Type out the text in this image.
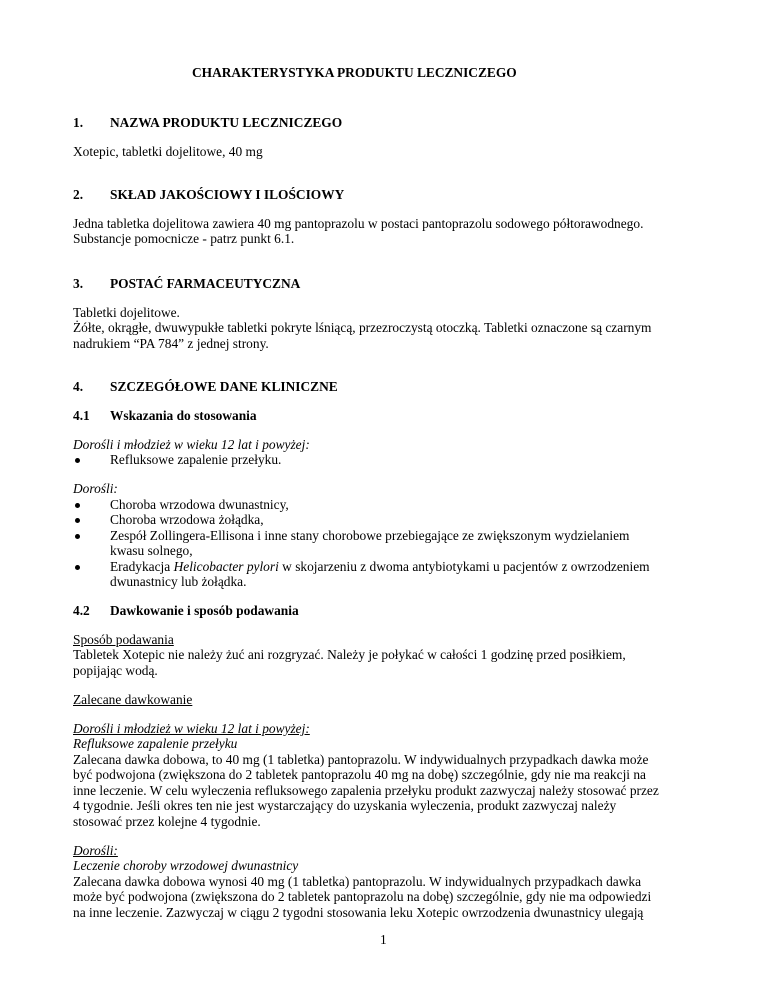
CHARAKTERYSTYKA PRODUKTU LECZNICZEGO
1. NAZWA PRODUKTU LECZNICZEGO
Xotepic, tabletki dojelitowe, 40 mg
2. SKŁAD JAKOŚCIOWY I ILOŚCIOWY
Jedna tabletka dojelitowa zawiera 40 mg pantoprazolu w postaci pantoprazolu sodowego półtorawodnego.
Substancje pomocnicze - patrz punkt 6.1.
3. POSTAĆ FARMACEUTYCZNA
Tabletki dojelitowe.
Żółte, okrągłe, dwuwypukłe tabletki pokryte lśniącą, przezroczystą otoczką. Tabletki oznaczone są czarnym
nadrukiem “PA 784” z jednej strony.
4. SZCZEGÓŁOWE DANE KLINICZNE
4.1 Wskazania do stosowania
Dorośli i młodzież w wieku 12 lat i powyżej:
Refluksowe zapalenie przełyku.
Dorośli:
Choroba wrzodowa dwunastnicy,
Choroba wrzodowa żołądka,
Zespół Zollingera-Ellisona i inne stany chorobowe przebiegające ze zwiększonym wydzielaniem
kwasu solnego,
Eradykacja Helicobacter pylori w skojarzeniu z dwoma antybiotykami u pacjentów z owrzodzeniem
dwunastnicy lub żołądka.
4.2 Dawkowanie i sposób podawania
Sposób podawania
Tabletek Xotepic nie należy żuć ani rozgryzać. Należy je połykać w całości 1 godzinę przed posiłkiem,
popijając wodą.
Zalecane dawkowanie
Dorośli i młodzież w wieku 12 lat i powyżej:
Refluksowe zapalenie przełyku
Zalecana dawka dobowa, to 40 mg (1 tabletka) pantoprazolu. W indywidualnych przypadkach dawka może
być podwojona (zwiększona do 2 tabletek pantoprazolu 40 mg na dobę) szczególnie, gdy nie ma reakcji na
inne leczenie. W celu wyleczenia refluksowego zapalenia przełyku produkt zazwyczaj należy stosować przez
4 tygodnie. Jeśli okres ten nie jest wystarczający do uzyskania wyleczenia, produkt zazwyczaj należy
stosować przez kolejne 4 tygodnie.
Dorośli:
Leczenie choroby wrzodowej dwunastnicy
Zalecana dawka dobowa wynosi 40 mg (1 tabletka) pantoprazolu. W indywidualnych przypadkach dawka
może być podwojona (zwiększona do 2 tabletek pantoprazolu na dobę) szczególnie, gdy nie ma odpowiedzi
na inne leczenie. Zazwyczaj w ciągu 2 tygodni stosowania leku Xotepic owrzodzenia dwunastnicy ulegają
1
